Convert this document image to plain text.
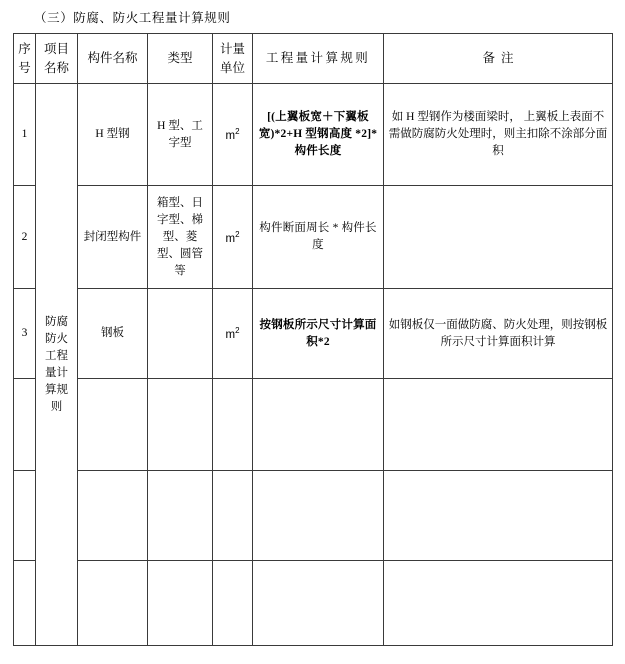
（三）防腐、防火工程量计算规则
序号	项目名称	构件名称	类型	计量单位	工程量计算规则	备注

1	防腐防火工程量计算规则	H 型钢	H 型、工字型	$m^2$	[(上翼板宽＋下翼板宽)*2+H 型钢高度 *2]* 构件长度	如 H 型钢作为楼面梁时， 上翼板上表面不需做防腐防火处理时，则主扣除不涂部分面积
2		封闭型构件	箱型、日字型、梯型、菱型、圆管等	$m^2$	构件断面周长 * 构件长度	
3		钢板		$m^2$	按钢板所示尺寸计算面积*2	如钢板仅一面做防腐、防火处理，则按钢板所示尺寸计算面积计算
